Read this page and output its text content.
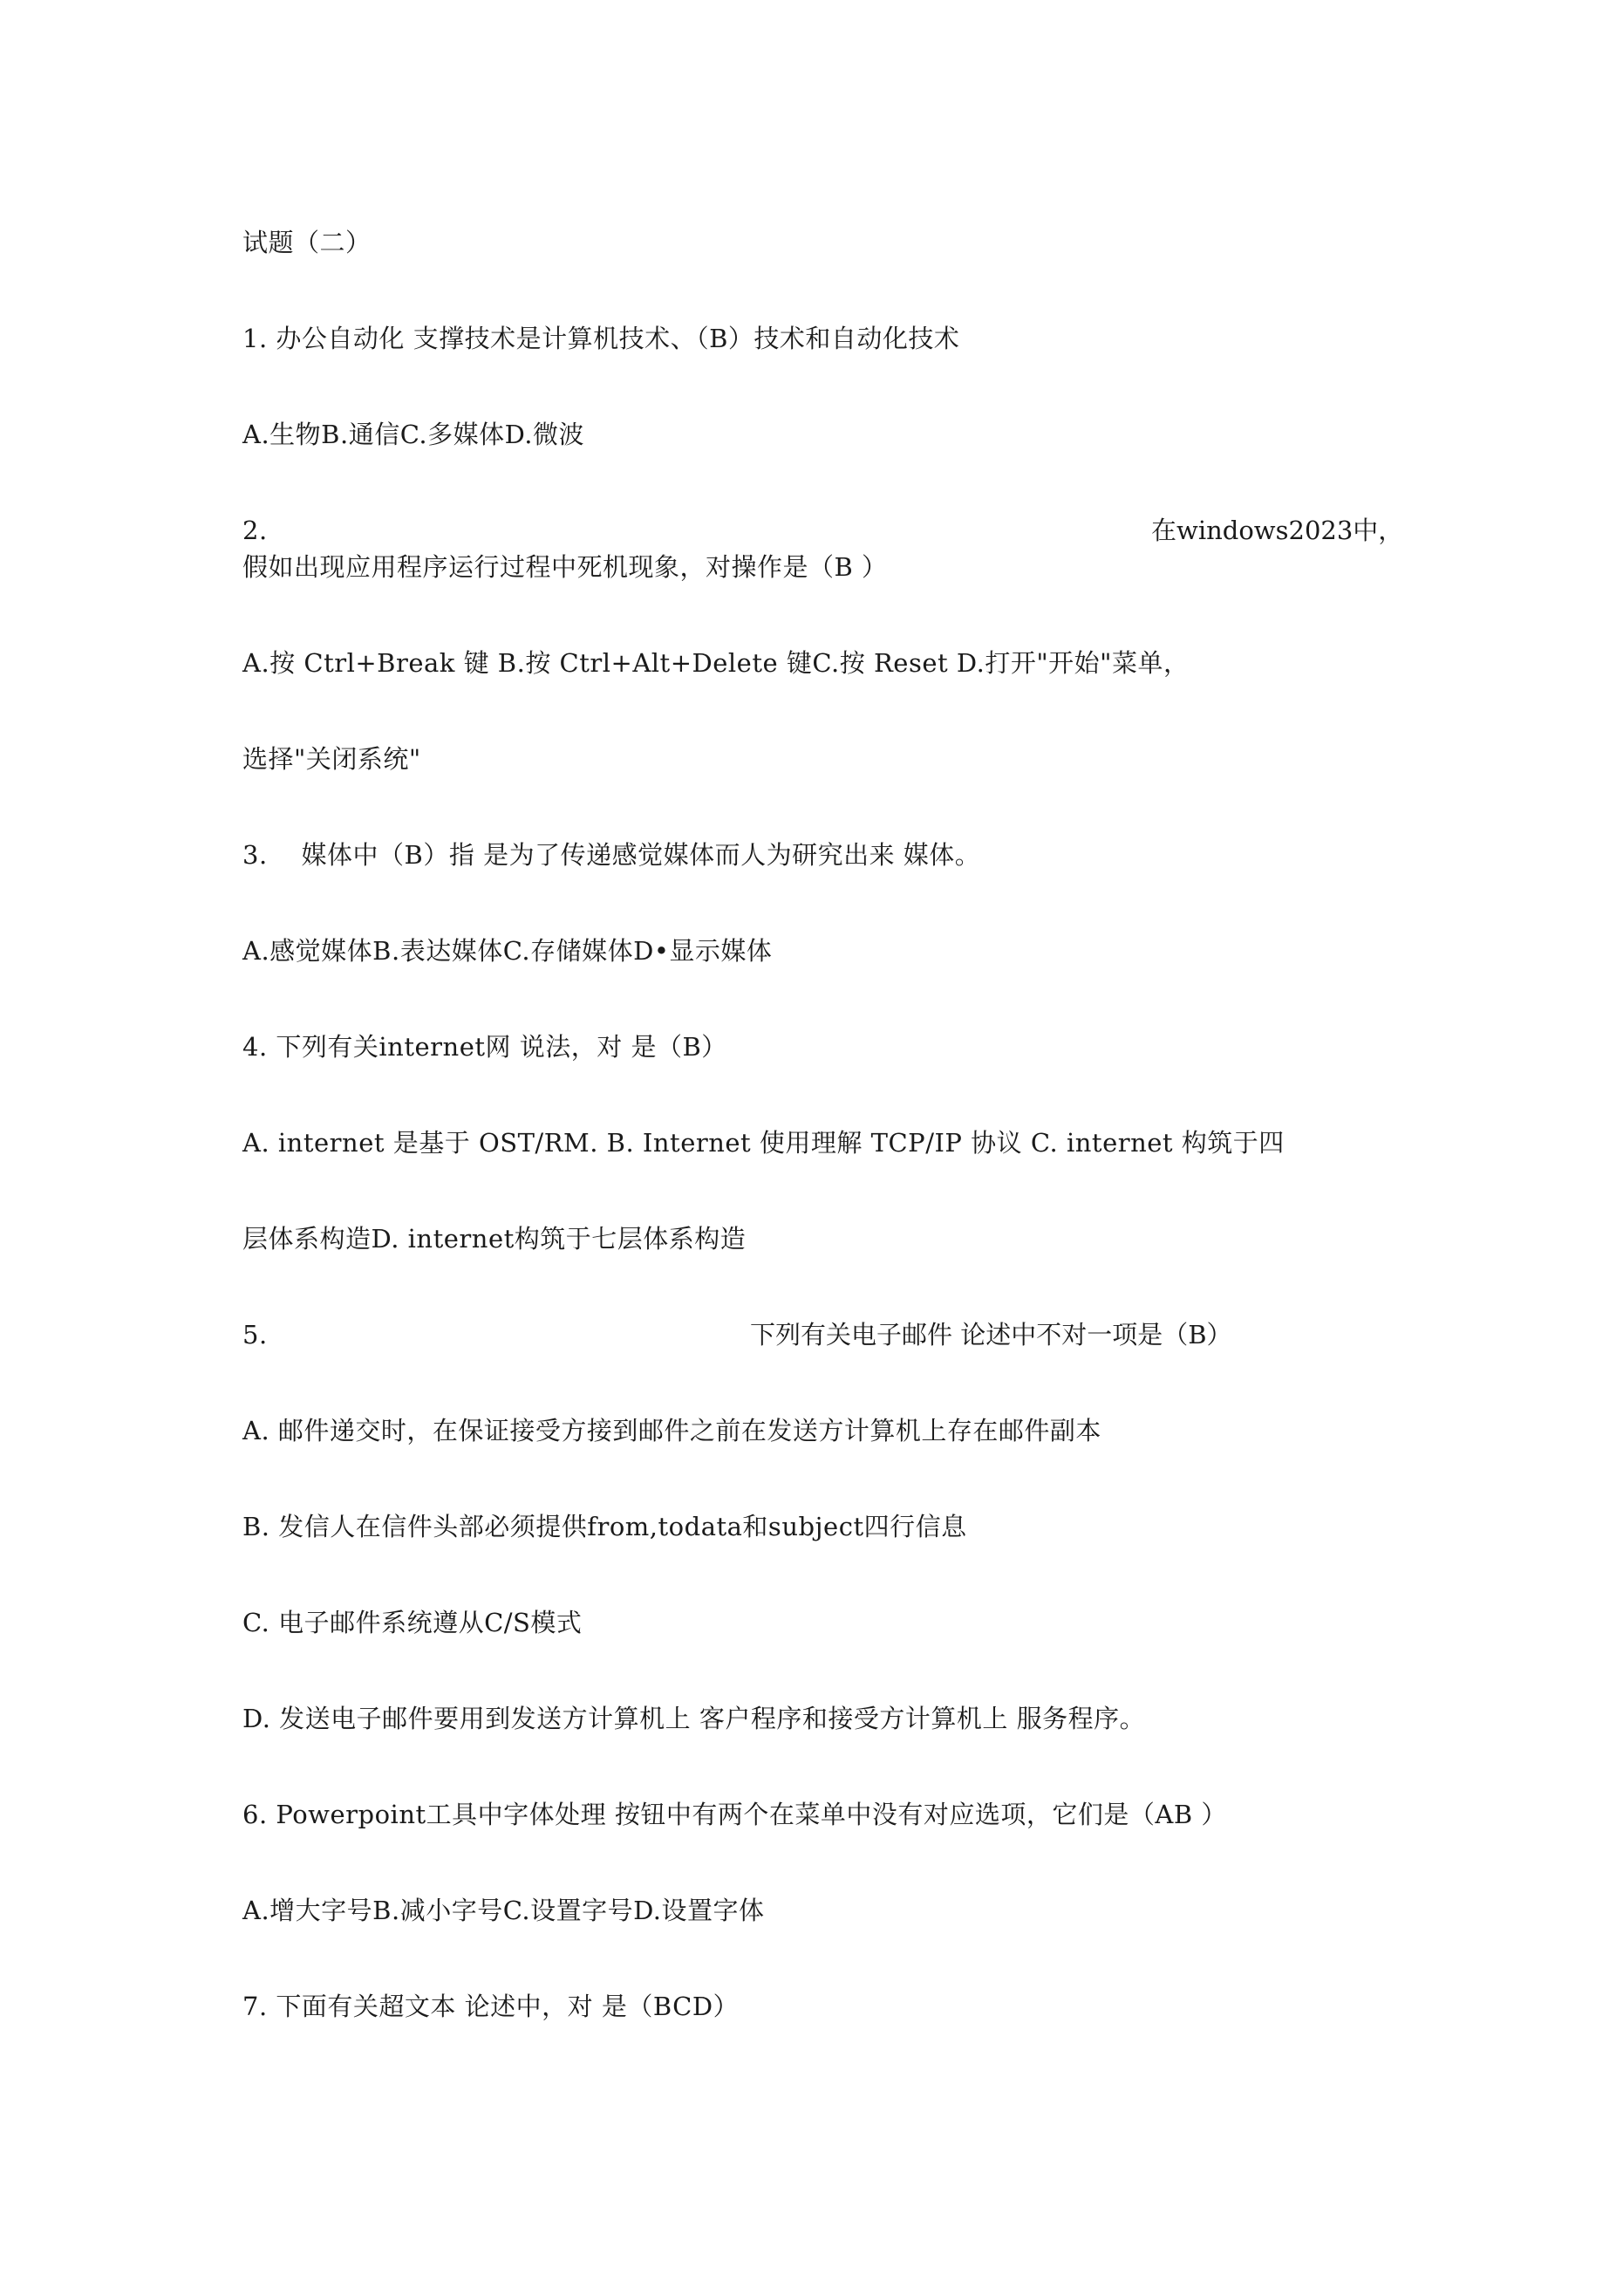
试题（二）
1. 办公自动化 支撑技术是计算机技术、（B）技术和自动化技术
A.生物B.通信C.多媒体D.微波
2.	在windows2023中，
假如出现应用程序运行过程中死机现象，对操作是（B ）
A.按 Ctrl+Break 键 B.按 Ctrl+Alt+Delete 键C.按 Reset D.打开"开始"菜单，
选择"关闭系统"
3.    媒体中（B）指 是为了传递感觉媒体而人为研究出来 媒体。
A.感觉媒体B.表达媒体C.存储媒体D•显示媒体
4. 下列有关internet网 说法，对 是（B）
A. internet 是基于 OST/RM. B. Internet 使用理解 TCP/IP 协议 C. internet 构筑于四
层体系构造D. internet构筑于七层体系构造
5.	下列有关电子邮件 论述中不对一项是（B）
A. 邮件递交时，在保证接受方接到邮件之前在发送方计算机上存在邮件副本
B. 发信人在信件头部必须提供from,todata和subject四行信息
C. 电子邮件系统遵从C/S模式
D. 发送电子邮件要用到发送方计算机上 客户程序和接受方计算机上 服务程序。
6. Powerpoint工具中字体处理 按钮中有两个在菜单中没有对应选项，它们是（AB ）
A.增大字号B.减小字号C.设置字号D.设置字体
7. 下面有关超文本 论述中，对 是（BCD）
